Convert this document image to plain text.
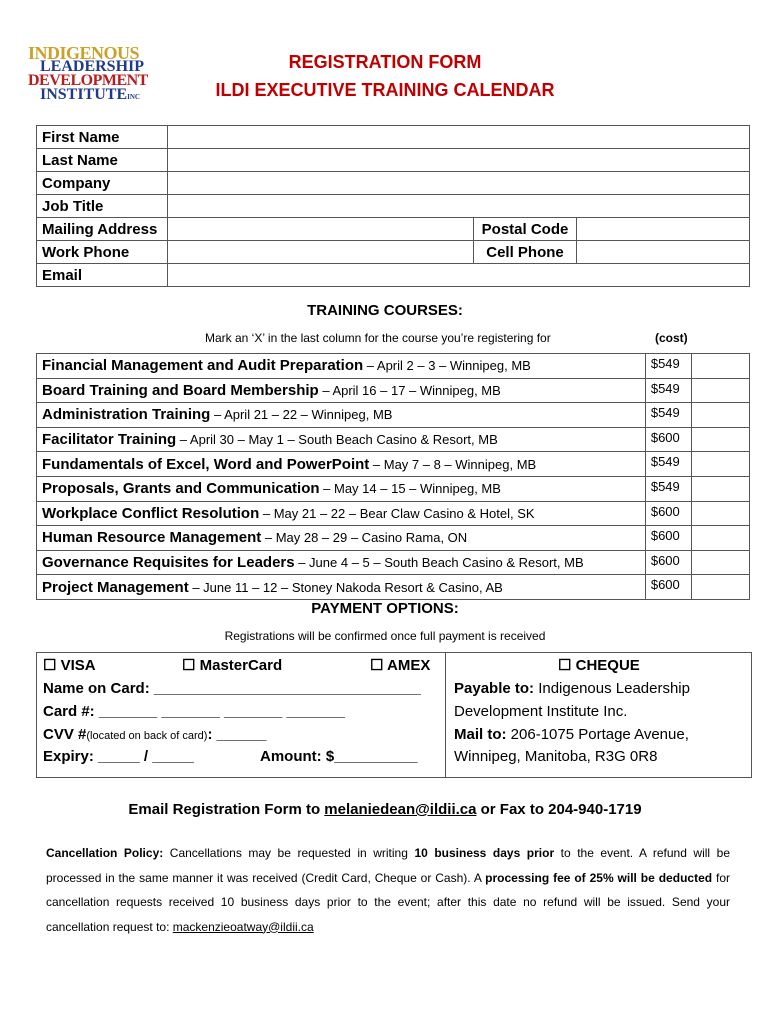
INDIGENOUS
LEADERSHIP
DEVELOPMENT
INSTITUTEINC
REGISTRATION FORM
ILDI EXECUTIVE TRAINING CALENDAR
First Name			
Last Name			
Company			
Job Title			
Mailing Address		Postal Code	
Work Phone		Cell Phone	
Email			
TRAINING COURSES:
Mark an ‘X’ in the last column for the course you’re registering for	(cost)
Financial Management and Audit Preparation – April 2 – 3 – Winnipeg, MB	$549	
Board Training and Board Membership – April 16 – 17 – Winnipeg, MB	$549	
Administration Training – April 21 – 22 – Winnipeg, MB	$549	
Facilitator Training – April 30 – May 1 – South Beach Casino & Resort, MB	$600	
Fundamentals of Excel, Word and PowerPoint – May 7 – 8 – Winnipeg, MB	$549	
Proposals, Grants and Communication – May 14 – 15 – Winnipeg, MB	$549	
Workplace Conflict Resolution – May 21 – 22 – Bear Claw Casino & Hotel, SK	$600	
Human Resource Management – May 28 – 29 – Casino Rama, ON	$600	
Governance Requisites for Leaders – June 4 – 5 – South Beach Casino & Resort, MB	$600	
Project Management – June 11 – 12 – Stoney Nakoda Resort & Casino, AB	$600	
PAYMENT OPTIONS:
Registrations will be confirmed once full payment is received
☐ VISA	☐ MasterCard	☐ AMEX
Name on Card: ________________________________
Card #: _______ _______ _______ _______
CVV #(located on back of card): ______
Expiry: _____ / _____	Amount: $__________
☐ CHEQUE
Payable to: Indigenous Leadership
Development Institute Inc.
Mail to: 206-1075 Portage Avenue,
Winnipeg, Manitoba, R3G 0R8
Email Registration Form to melaniedean@ildii.ca or Fax to 204-940-1719
Cancellation Policy: Cancellations may be requested in writing 10 business days prior to the event. A refund will be processed in the same manner it was received (Credit Card, Cheque or Cash). A processing fee of 25% will be deducted for cancellation requests received 10 business days prior to the event; after this date no refund will be issued. Send your cancellation request to: mackenzieoatway@ildii.ca
